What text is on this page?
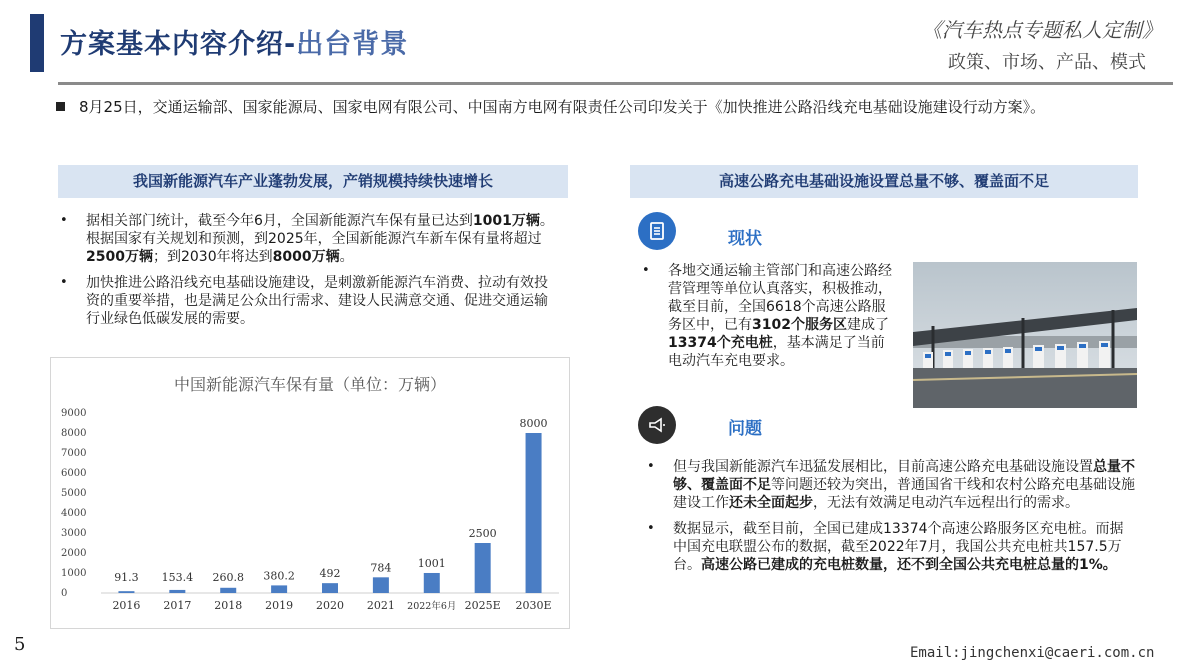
方案基本内容介绍-出台背景	《汽车热点专题私人定制》
政策、市场、产品、模式
8月25日，交通运输部、国家能源局、国家电网有限公司、中国南方电网有限责任公司印发关于《加快推进公路沿线充电基础设施建设行动方案》。
我国新能源汽车产业蓬勃发展，产销规模持续快速增长
• 据相关部门统计，截至今年6月，全国新能源汽车保有量已达到1001万辆。根据国家有关规划和预测，到2025年，全国新能源汽车新车保有量将超过2500万辆；到2030年将达到8000万辆。
• 加快推进公路沿线充电基础设施建设，是刺激新能源汽车消费、拉动有效投资的重要举措，也是满足公众出行需求、建设人民满意交通、促进交通运输行业绿色低碳发展的需要。
中国新能源汽车保有量（单位：万辆）
0
1000
2000
3000
4000
5000
6000
7000
8000
9000
91.3
2016
153.4
2017
260.8
2018
380.2
2019
492
2020
784
2021
1001
2022年6月
2500
2025E
8000
2030E
高速公路充电基础设施设置总量不够、覆盖面不足
现状
• 各地交通运输主管部门和高速公路经营管理等单位认真落实，积极推动，截至目前，全国6618个高速公路服务区中，已有3102个服务区建成了13374个充电桩，基本满足了当前电动汽车充电要求。
问题
• 但与我国新能源汽车迅猛发展相比，目前高速公路充电基础设施设置总量不够、覆盖面不足等问题还较为突出，普通国省干线和农村公路充电基础设施建设工作还未全面起步，无法有效满足电动汽车远程出行的需求。
• 数据显示，截至目前，全国已建成13374个高速公路服务区充电桩。而据中国充电联盟公布的数据，截至2022年7月，我国公共充电桩共157.5万台。高速公路已建成的充电桩数量，还不到全国公共充电桩总量的1%。
5	Email:jingchenxi@caeri.com.cn
